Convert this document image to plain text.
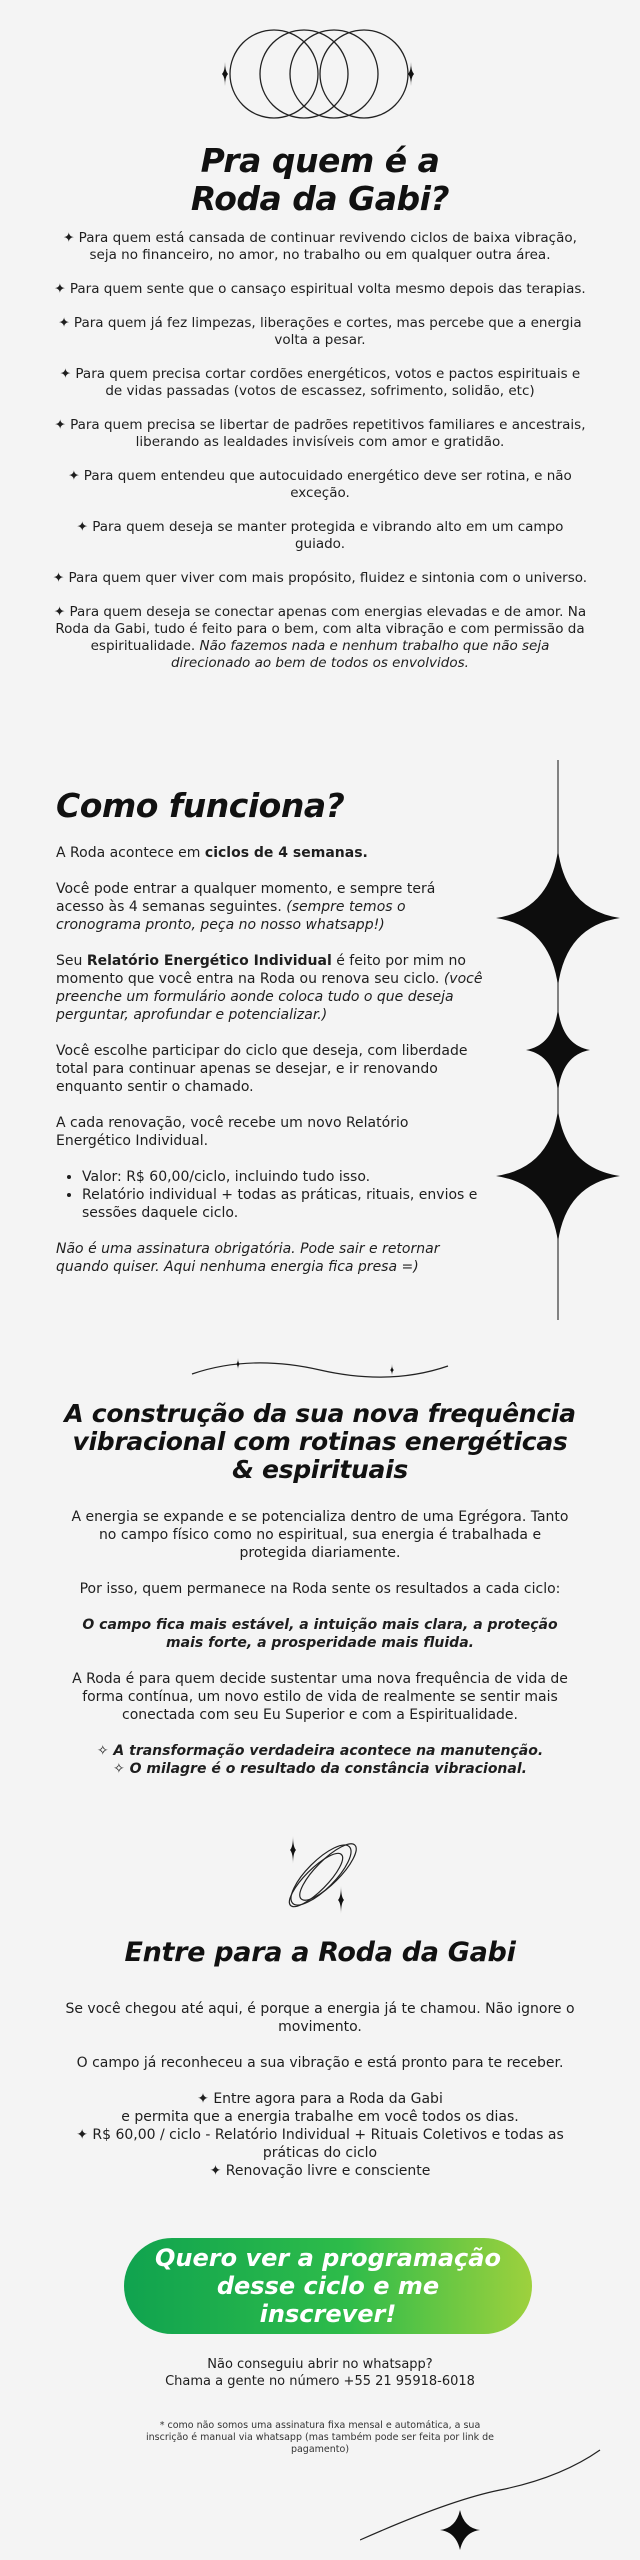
Pra quem é a
Roda da Gabi?

✦ Para quem está cansada de continuar revivendo ciclos de baixa vibração, seja no financeiro, no amor, no trabalho ou em qualquer outra área.

✦ Para quem sente que o cansaço espiritual volta mesmo depois das terapias.

✦ Para quem já fez limpezas, liberações e cortes, mas percebe que a energia volta a pesar.

✦ Para quem precisa cortar cordões energéticos, votos e pactos espirituais e de vidas passadas (votos de escassez, sofrimento, solidão, etc)

✦ Para quem precisa se libertar de padrões repetitivos familiares e ancestrais, liberando as lealdades invisíveis com amor e gratidão.

✦ Para quem entendeu que autocuidado energético deve ser rotina, e não exceção.

✦ Para quem deseja se manter protegida e vibrando alto em um campo guiado.

✦ Para quem quer viver com mais propósito, fluidez e sintonia com o universo.

✦ Para quem deseja se conectar apenas com energias elevadas e de amor. Na Roda da Gabi, tudo é feito para o bem, com alta vibração e com permissão da espiritualidade. Não fazemos nada e nenhum trabalho que não seja direcionado ao bem de todos os envolvidos.

Como funciona?

A Roda acontece em ciclos de 4 semanas.

Você pode entrar a qualquer momento, e sempre terá acesso às 4 semanas seguintes. (sempre temos o cronograma pronto, peça no nosso whatsapp!)

Seu Relatório Energético Individual é feito por mim no momento que você entra na Roda ou renova seu ciclo. (você preenche um formulário aonde coloca tudo o que deseja perguntar, aprofundar e potencializar.)

Você escolhe participar do ciclo que deseja, com liberdade total para continuar apenas se desejar, e ir renovando enquanto sentir o chamado.

A cada renovação, você recebe um novo Relatório Energético Individual.

• Valor: R$ 60,00/ciclo, incluindo tudo isso.
• Relatório individual + todas as práticas, rituais, envios e sessões daquele ciclo.

Não é uma assinatura obrigatória. Pode sair e retornar quando quiser. Aqui nenhuma energia fica presa =)

A construção da sua nova frequência vibracional com rotinas energéticas & espirituais

A energia se expande e se potencializa dentro de uma Egrégora. Tanto no campo físico como no espiritual, sua energia é trabalhada e protegida diariamente.

Por isso, quem permanece na Roda sente os resultados a cada ciclo:

O campo fica mais estável, a intuição mais clara, a proteção mais forte, a prosperidade mais fluida.

A Roda é para quem decide sustentar uma nova frequência de vida de forma contínua, um novo estilo de vida de realmente se sentir mais conectada com seu Eu Superior e com a Espiritualidade.

✧ A transformação verdadeira acontece na manutenção.
✧ O milagre é o resultado da constância vibracional.

Entre para a Roda da Gabi

Se você chegou até aqui, é porque a energia já te chamou. Não ignore o movimento.

O campo já reconheceu a sua vibração e está pronto para te receber.

✦ Entre agora para a Roda da Gabi
e permita que a energia trabalhe em você todos os dias.
✦ R$ 60,00 / ciclo - Relatório Individual + Rituais Coletivos e todas as práticas do ciclo
✦ Renovação livre e consciente

Quero ver a programação desse ciclo e me inscrever!
Não conseguiu abrir no whatsapp?
Chama a gente no número +55 21 95918-6018

* como não somos uma assinatura fixa mensal e automática, a sua inscrição é manual via whatsapp (mas também pode ser feita por link de pagamento)
